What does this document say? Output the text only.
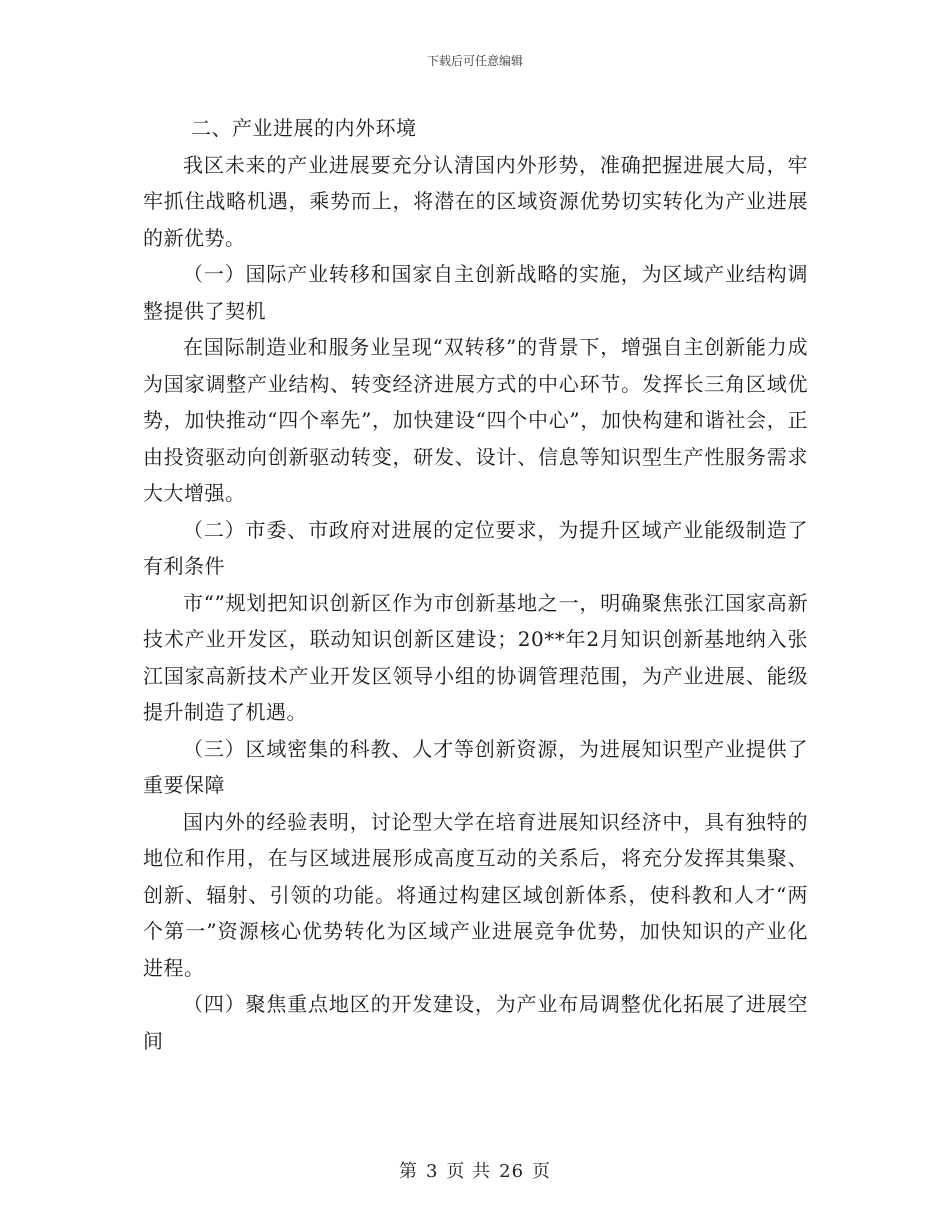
下载后可任意编辑

二、产业进展的内外环境

我区未来的产业进展要充分认清国内外形势，准确把握进展大局，牢牢抓住战略机遇，乘势而上，将潜在的区域资源优势切实转化为产业进展的新优势。

（一）国际产业转移和国家自主创新战略的实施，为区域产业结构调整提供了契机

在国际制造业和服务业呈现“双转移”的背景下，增强自主创新能力成为国家调整产业结构、转变经济进展方式的中心环节。发挥长三角区域优势，加快推动“四个率先”，加快建设“四个中心”，加快构建和谐社会，正由投资驱动向创新驱动转变，研发、设计、信息等知识型生产性服务需求大大增强。

（二）市委、市政府对进展的定位要求，为提升区域产业能级制造了有利条件

市“”规划把知识创新区作为市创新基地之一，明确聚焦张江国家高新技术产业开发区，联动知识创新区建设；20**年2月知识创新基地纳入张江国家高新技术产业开发区领导小组的协调管理范围，为产业进展、能级提升制造了机遇。

（三）区域密集的科教、人才等创新资源，为进展知识型产业提供了重要保障

国内外的经验表明，讨论型大学在培育进展知识经济中，具有独特的地位和作用，在与区域进展形成高度互动的关系后，将充分发挥其集聚、创新、辐射、引领的功能。将通过构建区域创新体系，使科教和人才“两个第一”资源核心优势转化为区域产业进展竞争优势，加快知识的产业化进程。

（四）聚焦重点地区的开发建设，为产业布局调整优化拓展了进展空间

第 3 页 共 26 页
